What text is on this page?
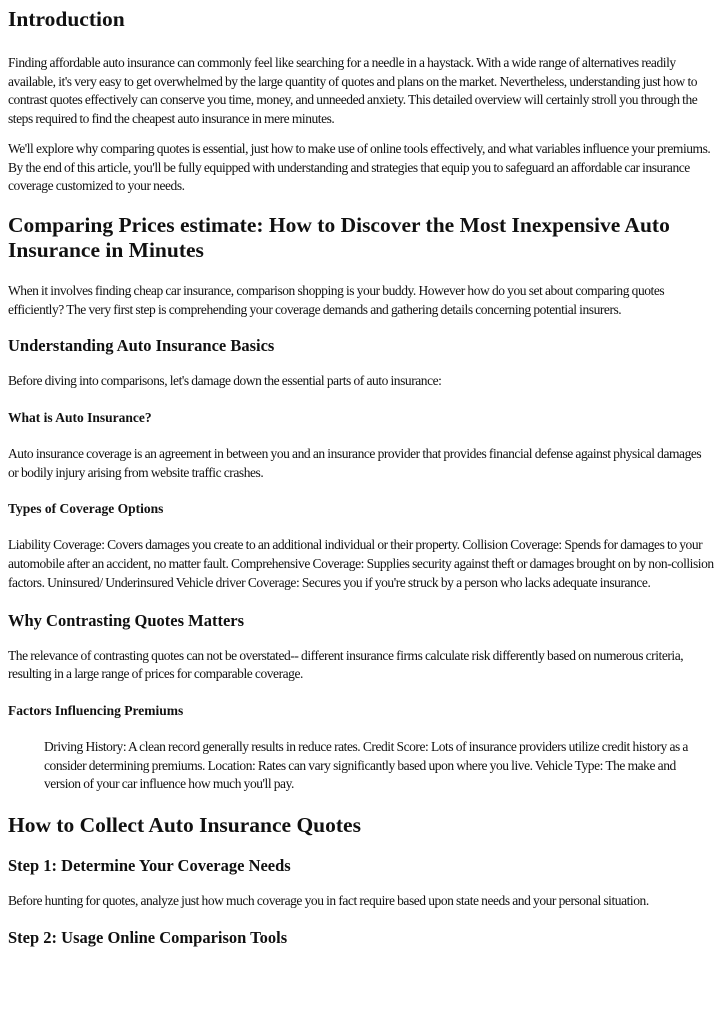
Introduction

Finding affordable auto insurance can commonly feel like searching for a needle in a haystack. With a wide range of alternatives readily available, it's very easy to get overwhelmed by the large quantity of quotes and plans on the market. Nevertheless, understanding just how to contrast quotes effectively can conserve you time, money, and unneeded anxiety. This detailed overview will certainly stroll you through the steps required to find the cheapest auto insurance in mere minutes.

We'll explore why comparing quotes is essential, just how to make use of online tools effectively, and what variables influence your premiums. By the end of this article, you'll be fully equipped with understanding and strategies that equip you to safeguard an affordable car insurance coverage customized to your needs.

Comparing Prices estimate: How to Discover the Most Inexpensive Auto Insurance in Minutes

When it involves finding cheap car insurance, comparison shopping is your buddy. However how do you set about comparing quotes efficiently? The very first step is comprehending your coverage demands and gathering details concerning potential insurers.

Understanding Auto Insurance Basics

Before diving into comparisons, let's damage down the essential parts of auto insurance:

What is Auto Insurance?

Auto insurance coverage is an agreement in between you and an insurance provider that provides financial defense against physical damages or bodily injury arising from website traffic crashes.

Types of Coverage Options

Liability Coverage: Covers damages you create to an additional individual or their property. Collision Coverage: Spends for damages to your automobile after an accident, no matter fault. Comprehensive Coverage: Supplies security against theft or damages brought on by non-collision factors. Uninsured/ Underinsured Vehicle driver Coverage: Secures you if you're struck by a person who lacks adequate insurance.

Why Contrasting Quotes Matters

The relevance of contrasting quotes can not be overstated-- different insurance firms calculate risk differently based on numerous criteria, resulting in a large range of prices for comparable coverage.

Factors Influencing Premiums

Driving History: A clean record generally results in reduce rates. Credit Score: Lots of insurance providers utilize credit history as a consider determining premiums. Location: Rates can vary significantly based upon where you live. Vehicle Type: The make and version of your car influence how much you'll pay.

How to Collect Auto Insurance Quotes
Step 1: Determine Your Coverage Needs

Before hunting for quotes, analyze just how much coverage you in fact require based upon state needs and your personal situation.

Step 2: Usage Online Comparison Tools
